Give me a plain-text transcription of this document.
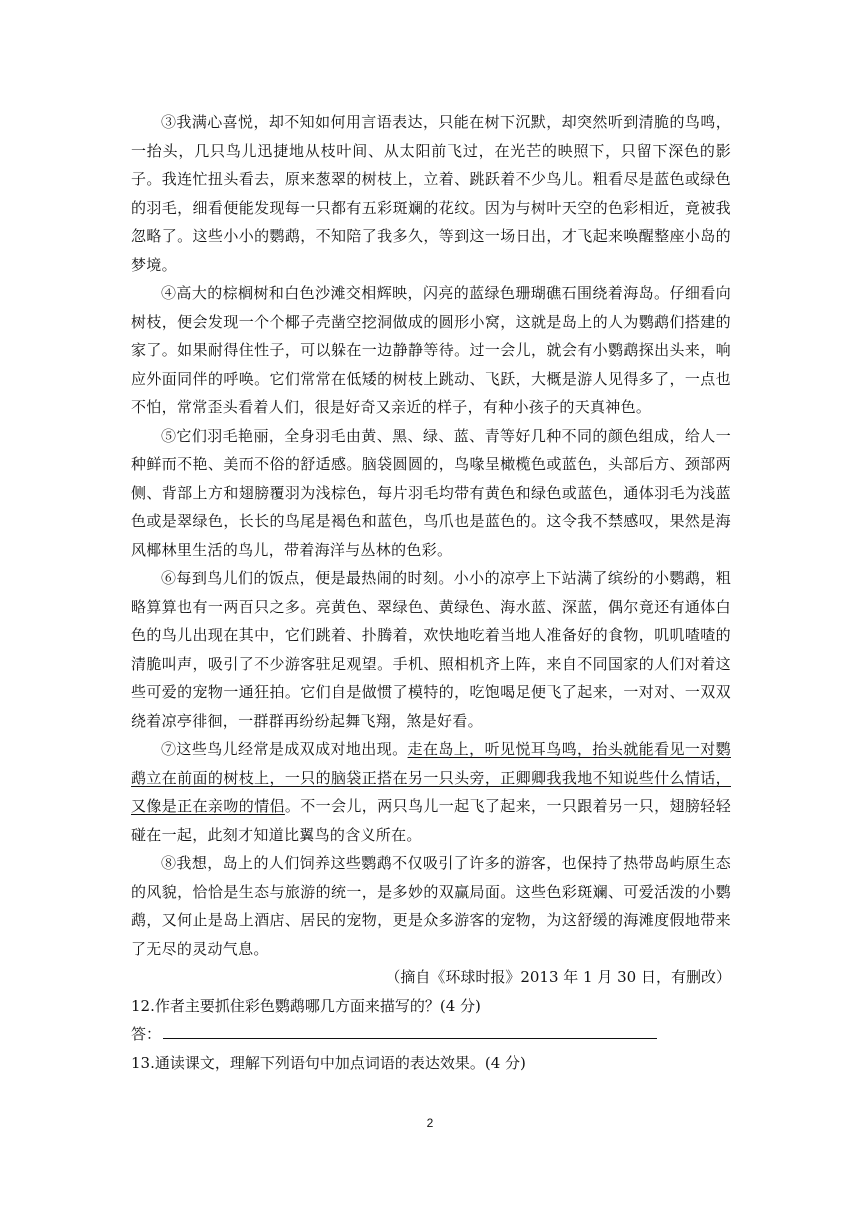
③我满心喜悦，却不知如何用言语表达，只能在树下沉默，却突然听到清脆的鸟鸣，一抬头，几只鸟儿迅捷地从枝叶间、从太阳前飞过，在光芒的映照下，只留下深色的影子。我连忙扭头看去，原来葱翠的树枝上，立着、跳跃着不少鸟儿。粗看尽是蓝色或绿色的羽毛，细看便能发现每一只都有五彩斑斓的花纹。因为与树叶天空的色彩相近，竟被我忽略了。这些小小的鹦鹉，不知陪了我多久，等到这一场日出，才飞起来唤醒整座小岛的梦境。

④高大的棕榈树和白色沙滩交相辉映，闪亮的蓝绿色珊瑚礁石围绕着海岛。仔细看向树枝，便会发现一个个椰子壳凿空挖洞做成的圆形小窝，这就是岛上的人为鹦鹉们搭建的家了。如果耐得住性子，可以躲在一边静静等待。过一会儿，就会有小鹦鹉探出头来，响应外面同伴的呼唤。它们常常在低矮的树枝上跳动、飞跃，大概是游人见得多了，一点也不怕，常常歪头看着人们，很是好奇又亲近的样子，有种小孩子的天真神色。

⑤它们羽毛艳丽，全身羽毛由黄、黑、绿、蓝、青等好几种不同的颜色组成，给人一种鲜而不艳、美而不俗的舒适感。脑袋圆圆的，鸟喙呈橄榄色或蓝色，头部后方、颈部两侧、背部上方和翅膀覆羽为浅棕色，每片羽毛均带有黄色和绿色或蓝色，通体羽毛为浅蓝色或是翠绿色，长长的鸟尾是褐色和蓝色，鸟爪也是蓝色的。这令我不禁感叹，果然是海风椰林里生活的鸟儿，带着海洋与丛林的色彩。

⑥每到鸟儿们的饭点，便是最热闹的时刻。小小的凉亭上下站满了缤纷的小鹦鹉，粗略算算也有一两百只之多。亮黄色、翠绿色、黄绿色、海水蓝、深蓝，偶尔竟还有通体白色的鸟儿出现在其中，它们跳着、扑腾着，欢快地吃着当地人准备好的食物，叽叽喳喳的清脆叫声，吸引了不少游客驻足观望。手机、照相机齐上阵，来自不同国家的人们对着这些可爱的宠物一通狂拍。它们自是做惯了模特的，吃饱喝足便飞了起来，一对对、一双双绕着凉亭徘徊，一群群再纷纷起舞飞翔，煞是好看。

⑦这些鸟儿经常是成双成对地出现。走在岛上，听见悦耳鸟鸣，抬头就能看见一对鹦鹉立在前面的树枝上，一只的脑袋正搭在另一只头旁，正卿卿我我地不知说些什么情话，又像是正在亲吻的情侣。不一会儿，两只鸟儿一起飞了起来，一只跟着另一只，翅膀轻轻碰在一起，此刻才知道比翼鸟的含义所在。

⑧我想，岛上的人们饲养这些鹦鹉不仅吸引了许多的游客，也保持了热带岛屿原生态的风貌，恰恰是生态与旅游的统一，是多妙的双赢局面。这些色彩斑斓、可爱活泼的小鹦鹉，又何止是岛上酒店、居民的宠物，更是众多游客的宠物，为这舒缓的海滩度假地带来了无尽的灵动气息。

（摘自《环球时报》2013 年 1 月 30 日，有删改）

12.作者主要抓住彩色鹦鹉哪几方面来描写的？(4 分)

答：

13.通读课文，理解下列语句中加点词语的表达效果。(4 分)

2
